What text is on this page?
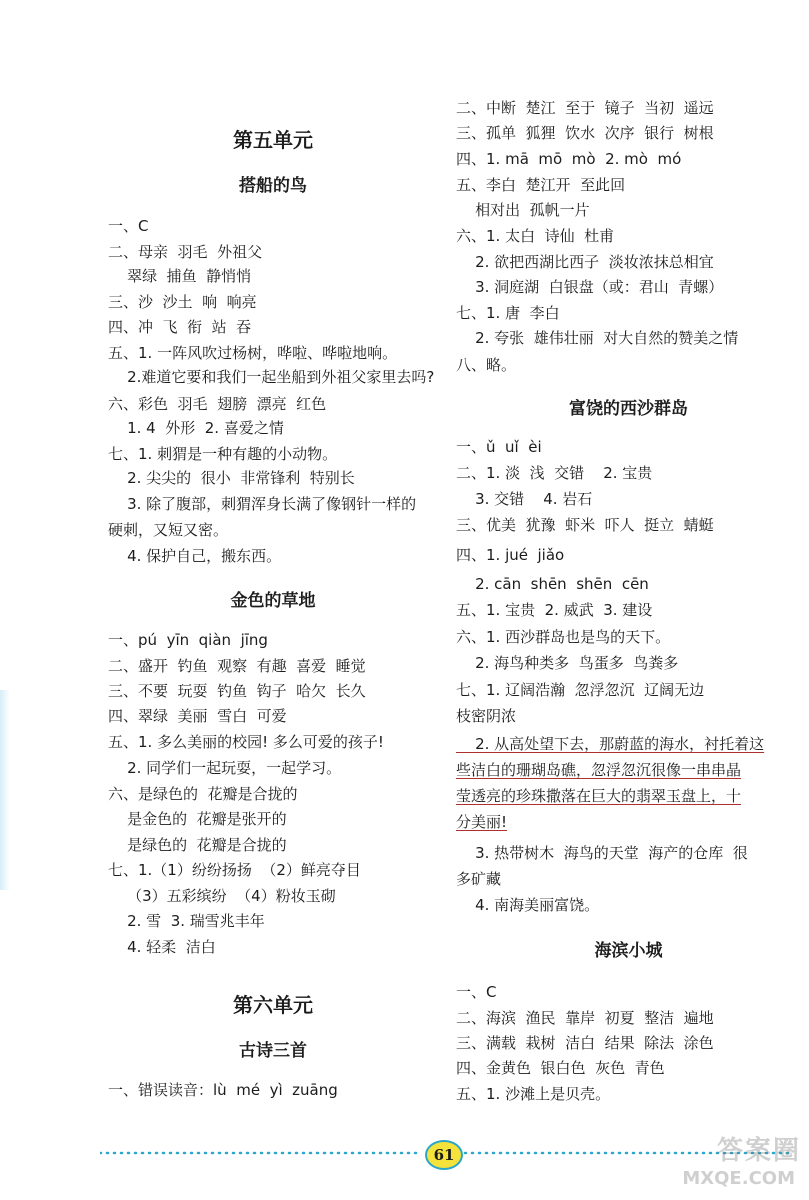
第五单元
搭船的鸟
一、C
二、母亲  羽毛  外祖父
翠绿  捕鱼  静悄悄
三、沙  沙土  响  响亮
四、冲  飞  衔  站  吞
五、1. 一阵风吹过杨树，哗啦、哗啦地响。
2.难道它要和我们一起坐船到外祖父家里去吗?
六、彩色  羽毛  翅膀  漂亮  红色
1. 4  外形  2. 喜爱之情
七、1. 刺猬是一种有趣的小动物。
2. 尖尖的  很小  非常锋利  特别长
3. 除了腹部，刺猬浑身长满了像钢针一样的
硬刺，又短又密。
4. 保护自己，搬东西。
金色的草地
一、pú  yīn  qiàn  jīng
二、盛开  钓鱼  观察  有趣  喜爱  睡觉
三、不要  玩耍  钓鱼  钩子  哈欠  长久
四、翠绿  美丽  雪白  可爱
五、1. 多么美丽的校园! 多么可爱的孩子!
2. 同学们一起玩耍，一起学习。
六、是绿色的  花瓣是合拢的
是金色的  花瓣是张开的
是绿色的  花瓣是合拢的
七、1.（1）纷纷扬扬  （2）鲜亮夺目
（3）五彩缤纷  （4）粉妆玉砌
2. 雪  3. 瑞雪兆丰年
4. 轻柔  洁白
第六单元
古诗三首
一、错误读音：lù  mé  yì  zuāng
二、中断  楚江  至于  镜子  当初  遥远
三、孤单  狐狸  饮水  次序  银行  树根
四、1. mā  mō  mò  2. mò  mó
五、李白  楚江开  至此回
相对出  孤帆一片
六、1. 太白  诗仙  杜甫
2. 欲把西湖比西子  淡妆浓抹总相宜
3. 洞庭湖  白银盘（或：君山  青螺）
七、1. 唐  李白
2. 夸张  雄伟壮丽  对大自然的赞美之情
八、略。
富饶的西沙群岛
一、ǔ  uǐ  èi
二、1. 淡  浅  交错    2. 宝贵
3. 交错    4. 岩石
三、优美  犹豫  虾米  吓人  挺立  蜻蜓
四、1. jué  jiǎo
2. cān  shēn  shēn  cēn
五、1. 宝贵  2. 威武  3. 建设
六、1. 西沙群岛也是鸟的天下。
2. 海鸟种类多  鸟蛋多  鸟粪多
七、1. 辽阔浩瀚  忽浮忽沉  辽阔无边
枝密阴浓
2. 从高处望下去，那蔚蓝的海水，衬托着这
些洁白的珊瑚岛礁，忽浮忽沉很像一串串晶
莹透亮的珍珠撒落在巨大的翡翠玉盘上，十
分美丽!
3. 热带树木  海鸟的天堂  海产的仓库  很
多矿藏
4. 南海美丽富饶。
海滨小城
一、C
二、海滨  渔民  靠岸  初夏  整洁  遍地
三、满载  栽树  洁白  结果  除法  涂色
四、金黄色  银白色  灰色  青色
五、1. 沙滩上是贝壳。
61	答案圈
MXQE.COM
